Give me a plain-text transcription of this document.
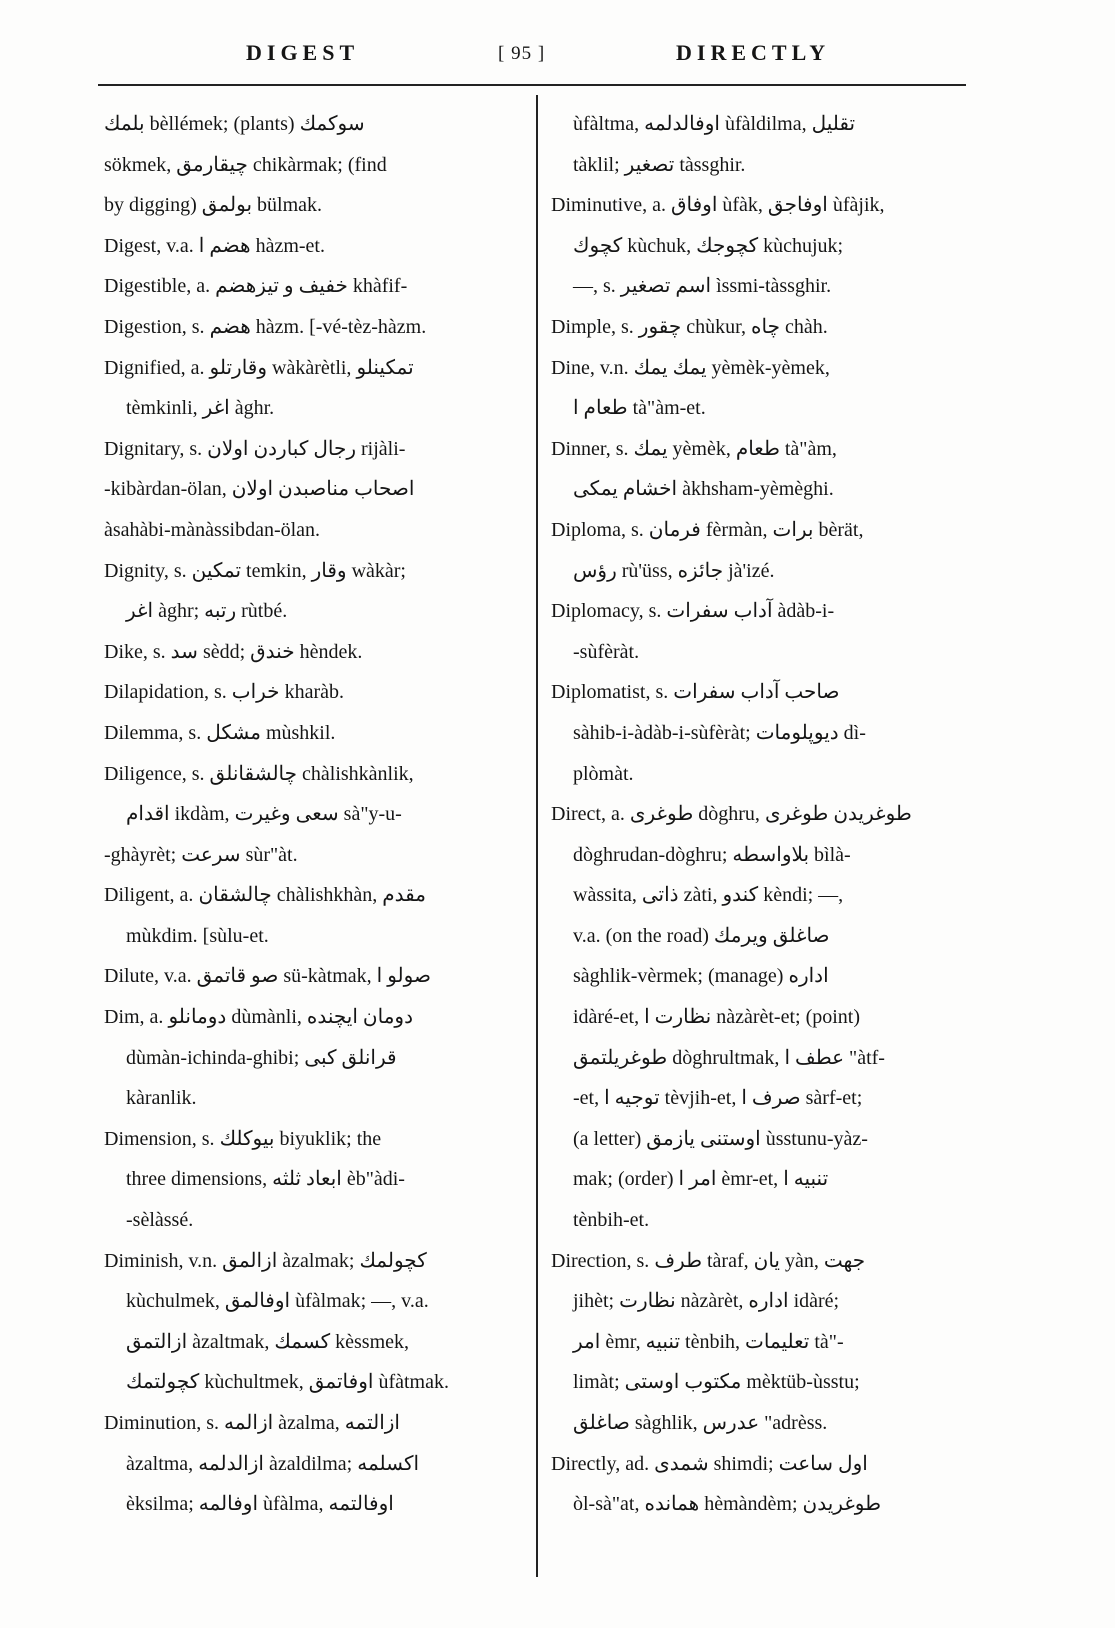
DIGEST	[ 95 ]	DIRECTLY
بلمك bèllémek; (plants) سوكمك
sökmek, چيقارمق chikàrmak; (find
by digging) بولمق bülmak.
Digest, v.a. هضم ا hàzm-et.
Digestible, a. خفيف و تيزهضم khàfif-
Digestion, s. هضم hàzm. [-vé-tèz-hàzm.
Dignified, a. وقارتلو wàkàrètli, تمكينلو
tèmkinli, اغر àghr.
Dignitary, s. رجال كباردن اولان rijàli-
-kibàrdan-ölan, اصحاب مناصبدن اولان
àsahàbi-mànàssibdan-ölan.
Dignity, s. تمكين temkin, وقار wàkàr;
اغر àghr; رتبه rùtbé.
Dike, s. سد sèdd; خندق hèndek.
Dilapidation, s. خراب kharàb.
Dilemma, s. مشكل mùshkil.
Diligence, s. چالشقانلق chàlishkànlik,
اقدام ikdàm, سعى وغيرت sà"y-u-
-ghàyrèt; سرعت sùr"àt.
Diligent, a. چالشقان chàlishkhàn, مقدم
mùkdim. [sùlu-et.
Dilute, v.a. صو قاتمق sü-kàtmak, صولو ا
Dim, a. دومانلو dùmànli, دومان ايچنده
dùmàn-ichinda-ghibi; قرانلق كبى
kàranlik.
Dimension, s. بيوكلك biyuklik; the
three dimensions, ابعاد ثلثه èb"àdi-
-sèlàssé.
Diminish, v.n. ازالمق àzalmak; كچولمك
kùchulmek, اوفالمق ùfàlmak; —, v.a.
ازالتمق àzaltmak, كسمك kèssmek,
كچولتمك kùchultmek, اوفاتمق ùfàtmak.
Diminution, s. ازالمه àzalma, ازالتمه
àzaltma, ازالدلمه àzaldilma; اكسلمه
èksilma; اوفالمه ùfàlma, اوفالتمه
ùfàltma, اوفالدلمه ùfàldilma, تقليل
tàklil; تصغير tàssghir.
Diminutive, a. اوفاق ùfàk, اوفاجق ùfàjik,
كچوك kùchuk, كچوجك kùchujuk;
—, s. اسم تصغير ìssmi-tàssghir.
Dimple, s. چقور chùkur, چاه chàh.
Dine, v.n. يمك يمك yèmèk-yèmek,
طعام ا tà"àm-et.
Dinner, s. يمك yèmèk, طعام tà"àm,
اخشام يمكى àkhsham-yèmèghi.
Diploma, s. فرمان fèrmàn, برات bèrät,
رؤس rù'üss, جائزه jà'izé.
Diplomacy, s. آداب سفرات àdàb-i-
-sùfèràt.
Diplomatist, s. صاحب آداب سفرات
sàhib-i-àdàb-i-sùfèràt; ديوپلومات dì-
plòmàt.
Direct, a. طوغرى dòghru, طوغريدن طوغرى
dòghrudan-dòghru; بلاواسطه bìlà-
wàssita, ذاتى zàti, كندو kèndi; —,
v.a. (on the road) صاغلق ويرمك
sàghlik-vèrmek; (manage) اداره
idàré-et, نظارت ا nàzàrèt-et; (point)
طوغريلتمق dòghrultmak, عطف ا "àtf-
-et, توجيه ا tèvjih-et, صرف ا sàrf-et;
(a letter) اوستنى يازمق ùsstunu-yàz-
mak; (order) امر ا èmr-et, تنبيه ا
tènbih-et.
Direction, s. طرف tàraf, يان yàn, جهت
jihèt; نظارت nàzàrèt, اداره idàré;
امر èmr, تنبيه tènbih, تعليمات tà"-
limàt; مكتوب اوستى mèktüb-ùsstu;
صاغلق sàghlik, عدرس "adrèss.
Directly, ad. شمدى shimdi; اول ساعت
òl-sà"at, همانده hèmàndèm; طوغريدن
